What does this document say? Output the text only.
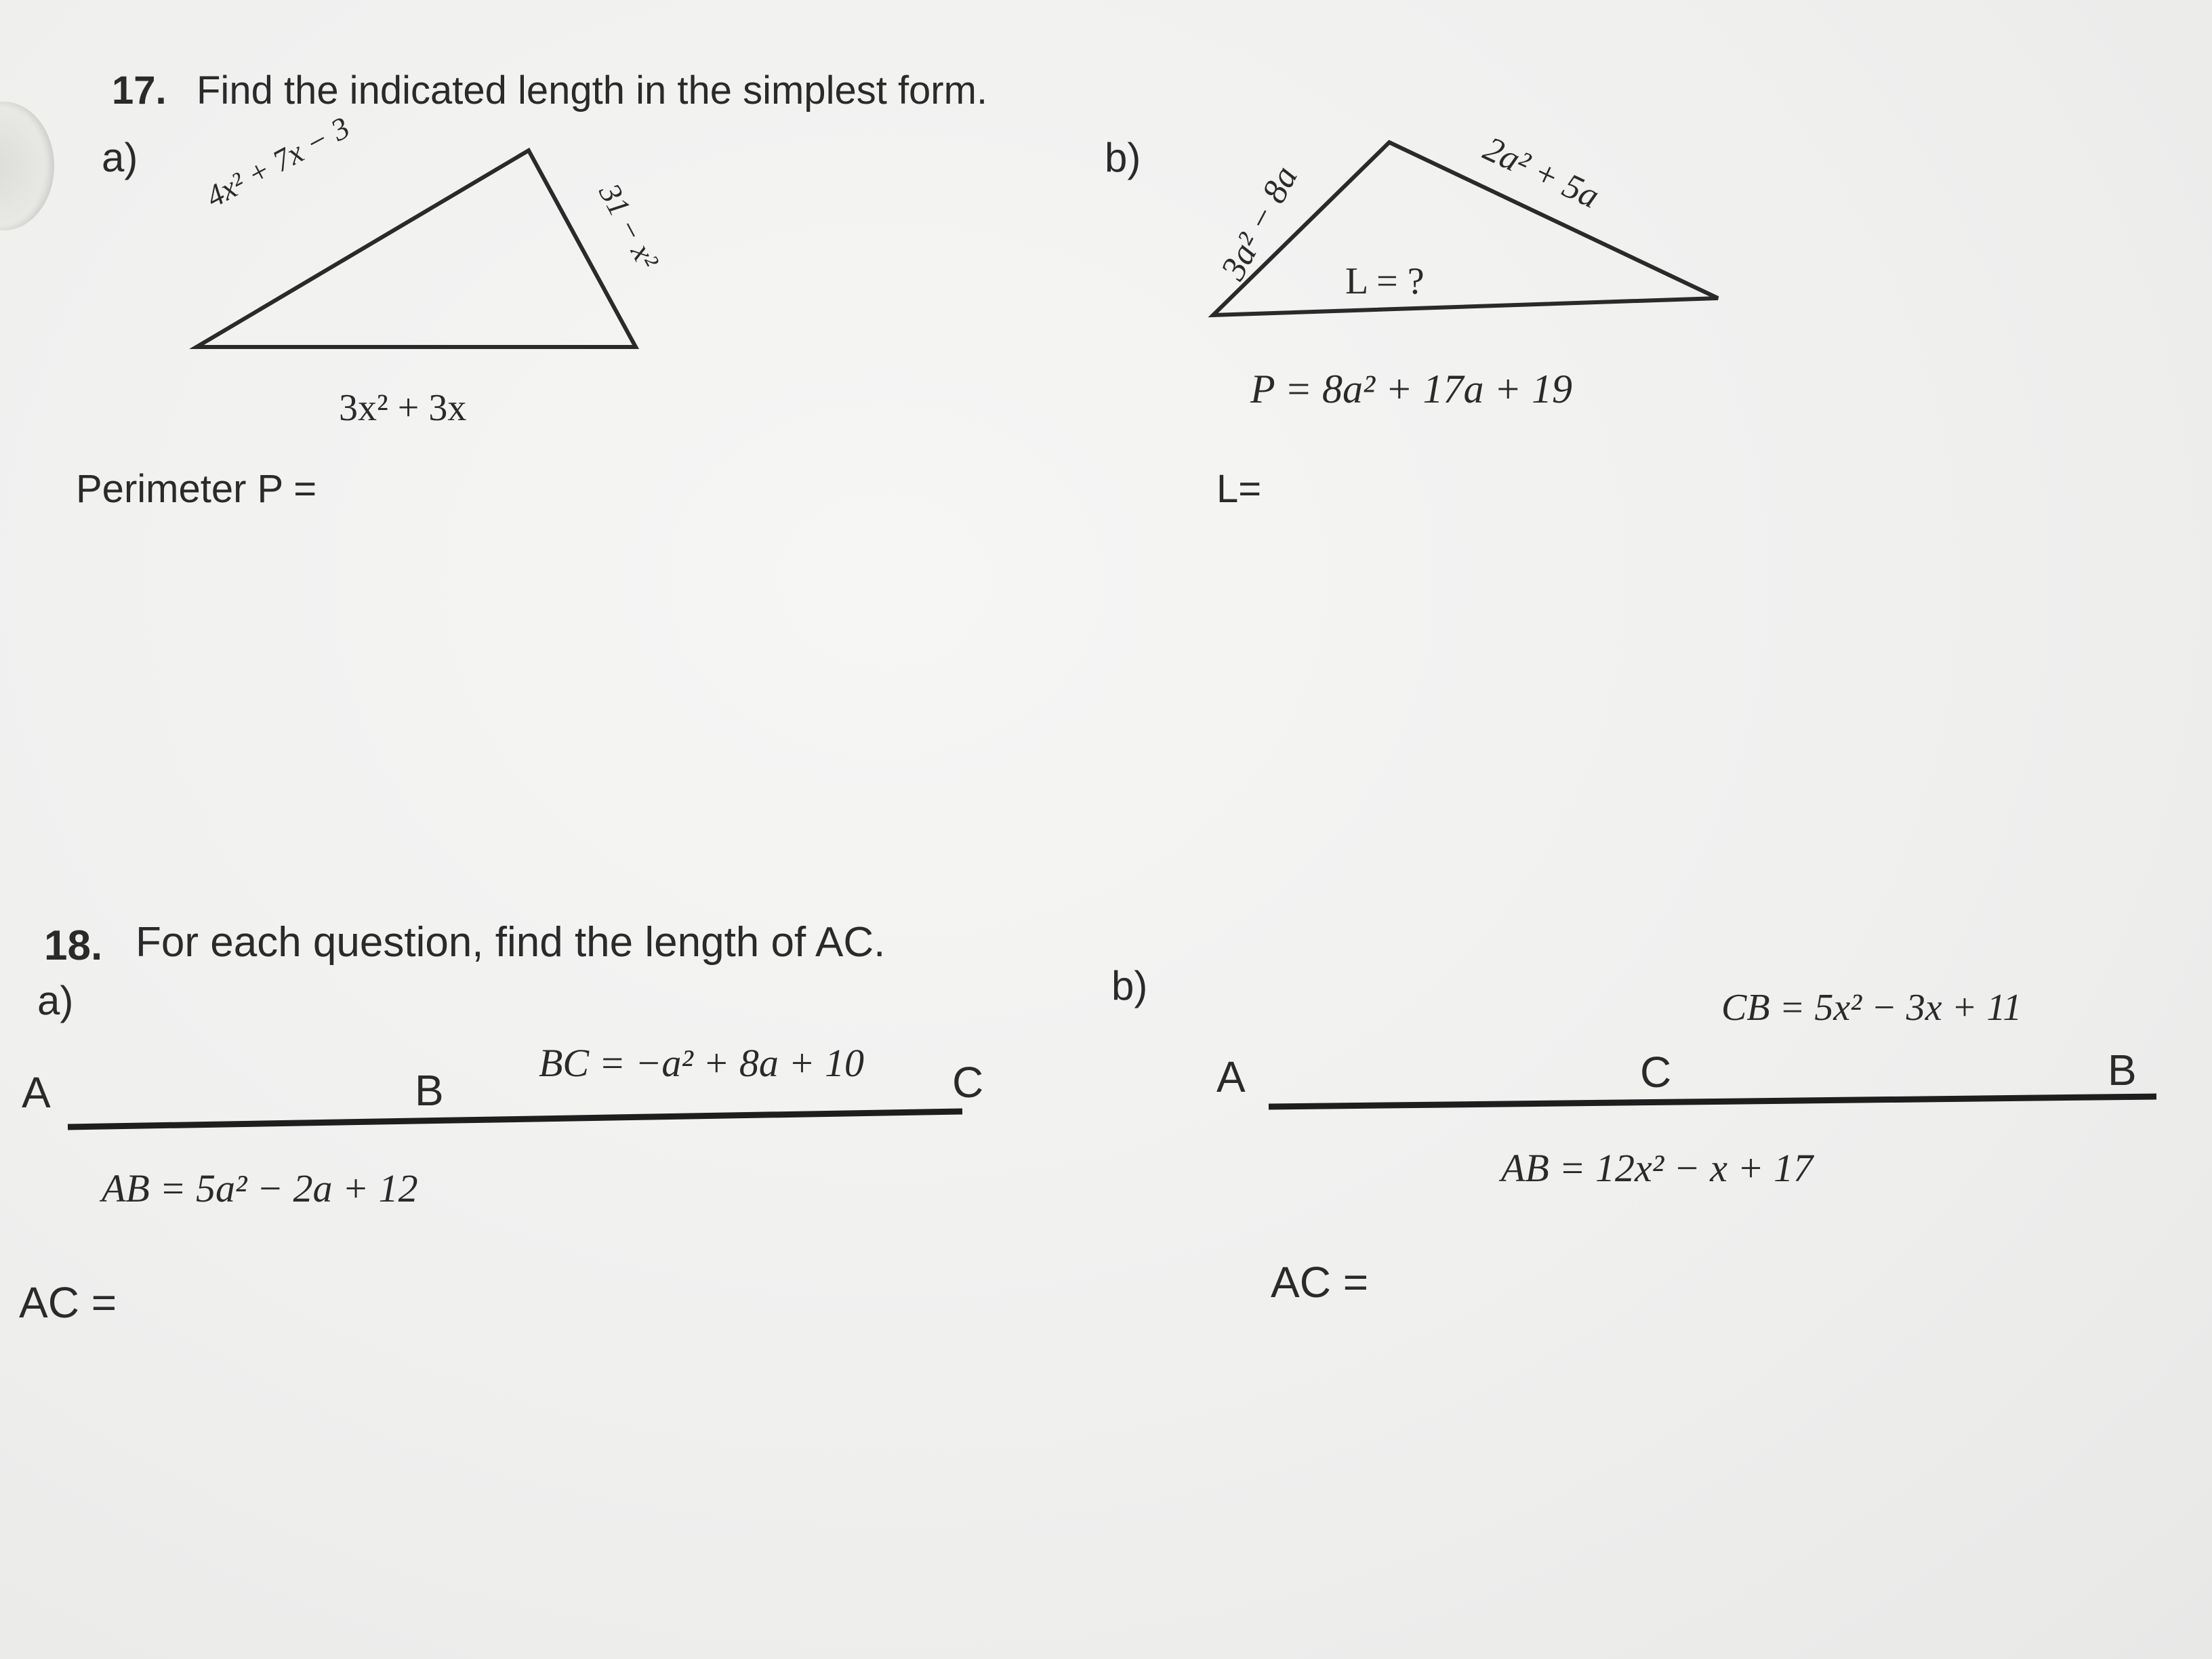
17. Find the indicated length in the simplest form.
a)	b)
4x² + 7x − 3
31 − x²
3x² + 3x
Perimeter P =
3a² − 8a	2a² + 5a
L = ?
P = 8a² + 17a + 19
L=
18. For each question, find the length of AC.
a)	b)
A	B	C
BC = −a² + 8a + 10
AB = 5a² − 2a + 12
AC =
A	C	B
CB = 5x² − 3x + 11
AB = 12x² − x + 17
AC =
